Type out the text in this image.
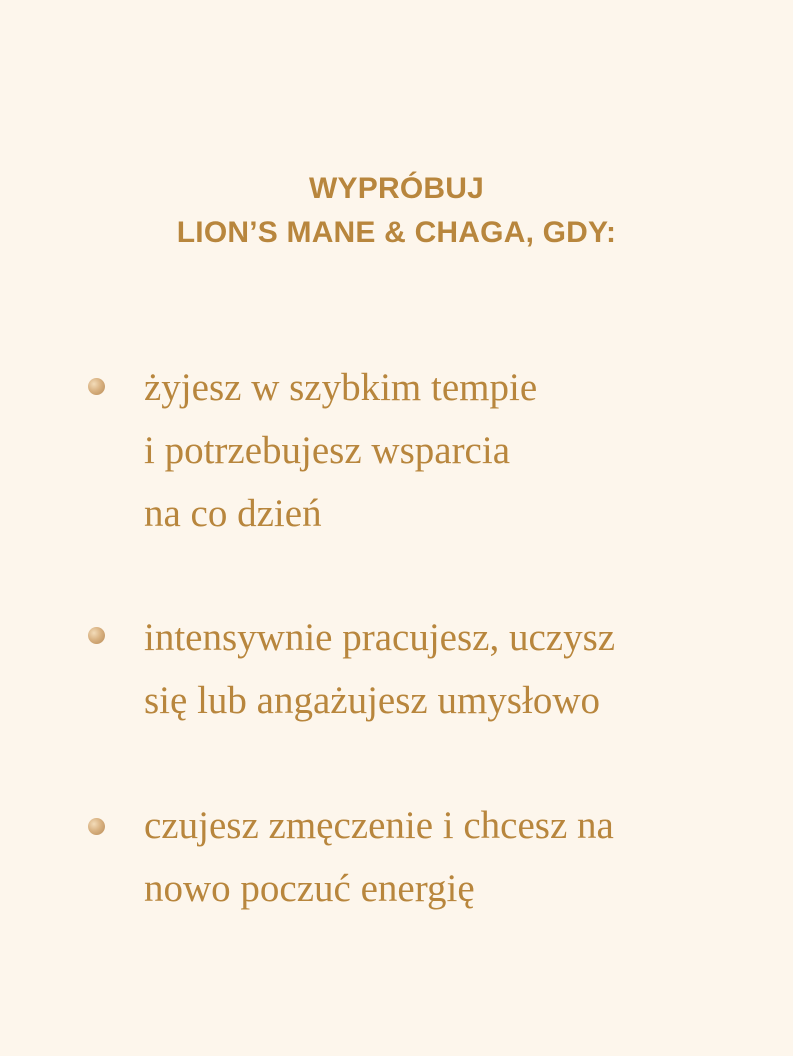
WYPRÓBUJ
LION’S MANE & CHAGA, GDY:
żyjesz w szybkim tempie
i potrzebujesz wsparcia
na co dzień
intensywnie pracujesz, uczysz
się lub angażujesz umysłowo
czujesz zmęczenie i chcesz na
nowo poczuć energię
